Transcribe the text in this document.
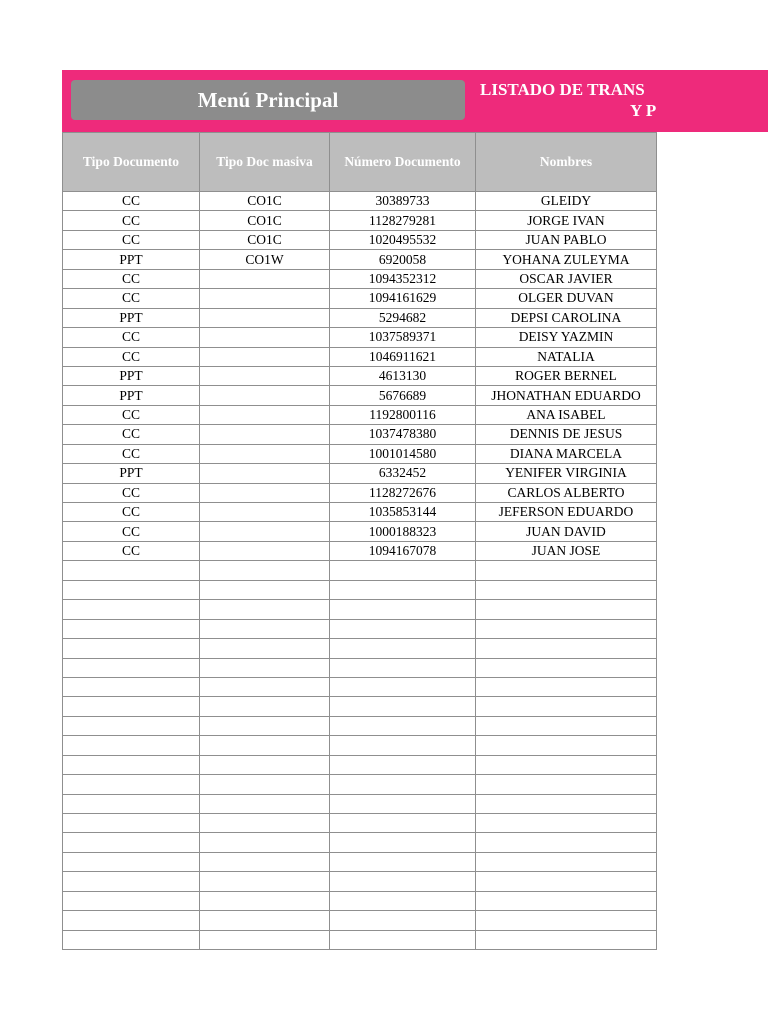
Menú Principal	LISTADO DE TRANS
Y P
Tipo Documento	Tipo Doc masiva	Número Documento	Nombres
CC	CO1C	30389733	GLEIDY
CC	CO1C	1128279281	JORGE IVAN
CC	CO1C	1020495532	JUAN PABLO
PPT	CO1W	6920058	YOHANA ZULEYMA
CC		1094352312	OSCAR JAVIER
CC		1094161629	OLGER DUVAN
PPT		5294682	DEPSI CAROLINA
CC		1037589371	DEISY YAZMIN
CC		1046911621	NATALIA
PPT		4613130	ROGER BERNEL
PPT		5676689	JHONATHAN EDUARDO
CC		1192800116	ANA ISABEL
CC		1037478380	DENNIS DE JESUS
CC		1001014580	DIANA MARCELA
PPT		6332452	YENIFER VIRGINIA
CC		1128272676	CARLOS ALBERTO
CC		1035853144	JEFERSON EDUARDO
CC		1000188323	JUAN DAVID
CC		1094167078	JUAN JOSE
